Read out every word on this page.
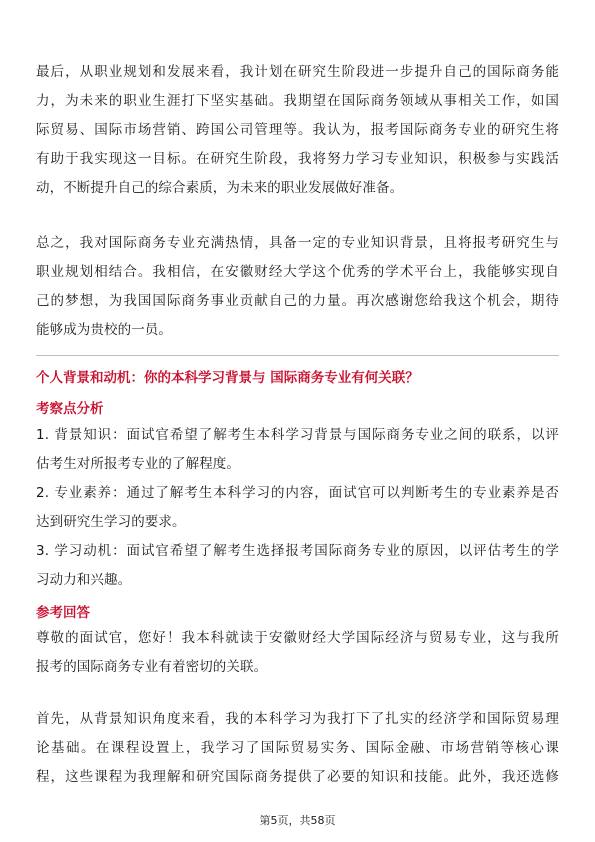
最后，从职业规划和发展来看，我计划在研究生阶段进一步提升自己的国际商务能
力，为未来的职业生涯打下坚实基础。我期望在国际商务领域从事相关工作，如国
际贸易、国际市场营销、跨国公司管理等。我认为，报考国际商务专业的研究生将
有助于我实现这一目标。在研究生阶段，我将努力学习专业知识，积极参与实践活
动，不断提升自己的综合素质，为未来的职业发展做好准备。
总之，我对国际商务专业充满热情，具备一定的专业知识背景，且将报考研究生与
职业规划相结合。我相信，在安徽财经大学这个优秀的学术平台上，我能够实现自
己的梦想，为我国国际商务事业贡献自己的力量。再次感谢您给我这个机会，期待
能够成为贵校的一员。
个人背景和动机：你的本科学习背景与 国际商务专业有何关联？
考察点分析
1. 背景知识：面试官希望了解考生本科学习背景与国际商务专业之间的联系，以评
估考生对所报考专业的了解程度。
2. 专业素养：通过了解考生本科学习的内容，面试官可以判断考生的专业素养是否
达到研究生学习的要求。
3. 学习动机：面试官希望了解考生选择报考国际商务专业的原因，以评估考生的学
习动力和兴趣。
参考回答
尊敬的面试官，您好！我本科就读于安徽财经大学国际经济与贸易专业，这与我所
报考的国际商务专业有着密切的关联。
首先，从背景知识角度来看，我的本科学习为我打下了扎实的经济学和国际贸易理
论基础。在课程设置上，我学习了国际贸易实务、国际金融、市场营销等核心课
程，这些课程为我理解和研究国际商务提供了必要的知识和技能。此外，我还选修
第5页，共58页
